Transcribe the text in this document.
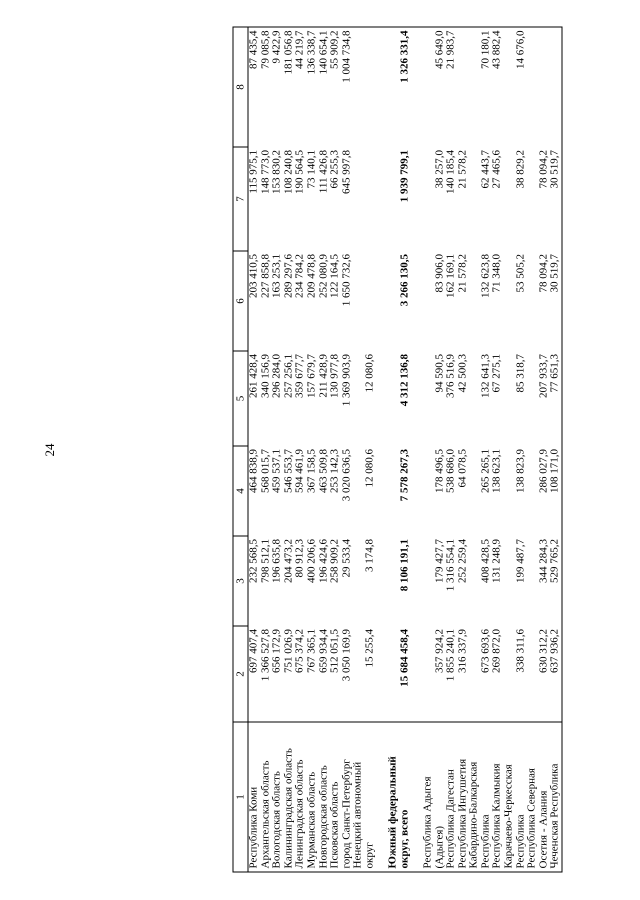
24
1	2	3	4	5	6	7	8
Республика Коми	697 407,4	232 568,5	464 838,9	261 428,4	203 410,5	115 975,1	87 435,4
Архангельская область	1 366 527,8	798 512,1	568 015,7	340 156,9	227 858,8	148 773,0	79 085,8
Вологодская область	656 172,9	196 635,8	459 537,1	296 284,0	163 253,1	153 830,2	9 422,9
Калининградская область	751 026,9	204 473,2	546 553,7	257 256,1	289 297,6	108 240,8	181 056,8
Ленинградская область	675 374,2	80 912,3	594 461,9	359 677,7	234 784,2	190 564,5	44 219,7
Мурманская область	767 365,1	400 206,6	367 158,5	157 679,7	209 478,8	73 140,1	136 338,7
Новгородская область	659 934,4	196 424,6	463 509,8	211 428,9	252 080,9	111 426,8	140 654,1
Псковская область	512 051,5	258 909,2	253 142,3	130 977,8	122 164,5	66 255,3	55 909,2
город Санкт-Петербург	3 050 169,9	29 533,4	3 020 636,5	1 369 903,9	1 650 732,6	645 997,8	1 004 734,8
Ненецкий автономный							
округ	15 255,4	3 174,8	12 080,6	12 080,6			

Южный федеральный							
округ, всего	15 684 458,4	8 106 191,1	7 578 267,3	4 312 136,8	3 266 130,5	1 939 799,1	1 326 331,4

Республика Адыгея							
(Адыгея)	357 924,2	179 427,7	178 496,5	94 590,5	83 906,0	38 257,0	45 649,0
Республика Дагестан	1 855 240,1	1 316 554,1	538 686,0	376 516,9	162 169,1	140 185,4	21 983,7
Республика Ингушетия	316 337,9	252 259,4	64 078,5	42 500,3	21 578,2	21 578,2	
Кабардино-Балкарская							
Республика	673 693,6	408 428,5	265 265,1	132 641,3	132 623,8	62 443,7	70 180,1
Республика Калмыкия	269 872,0	131 248,9	138 623,1	67 275,1	71 348,0	27 465,6	43 882,4
Карачаево-Черкесская							
Республика	338 311,6	199 487,7	138 823,9	85 318,7	53 505,2	38 829,2	14 676,0
Республика Северная							
Осетия - Алания	630 312,2	344 284,3	286 027,9	207 933,7	78 094,2	78 094,2	
Чеченская Республика	637 936,2	529 765,2	108 171,0	77 651,3	30 519,7	30 519,7	
